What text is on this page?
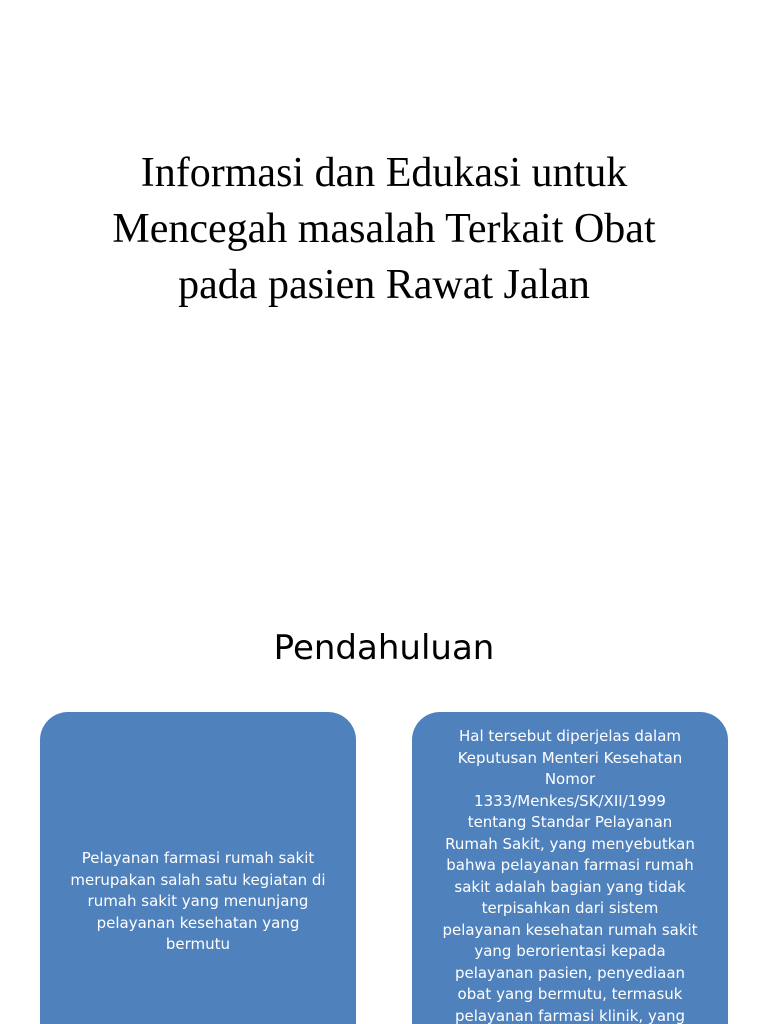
Informasi dan Edukasi untuk
Mencegah masalah Terkait Obat
pada pasien Rawat Jalan
Pendahuluan
Pelayanan farmasi rumah sakit
merupakan salah satu kegiatan di
rumah sakit yang menunjang
pelayanan kesehatan yang
bermutu
Hal tersebut diperjelas dalam
Keputusan Menteri Kesehatan
Nomor
1333/Menkes/SK/XII/1999
tentang Standar Pelayanan
Rumah Sakit, yang menyebutkan
bahwa pelayanan farmasi rumah
sakit adalah bagian yang tidak
terpisahkan dari sistem
pelayanan kesehatan rumah sakit
yang berorientasi kepada
pelayanan pasien, penyediaan
obat yang bermutu, termasuk
pelayanan farmasi klinik, yang
